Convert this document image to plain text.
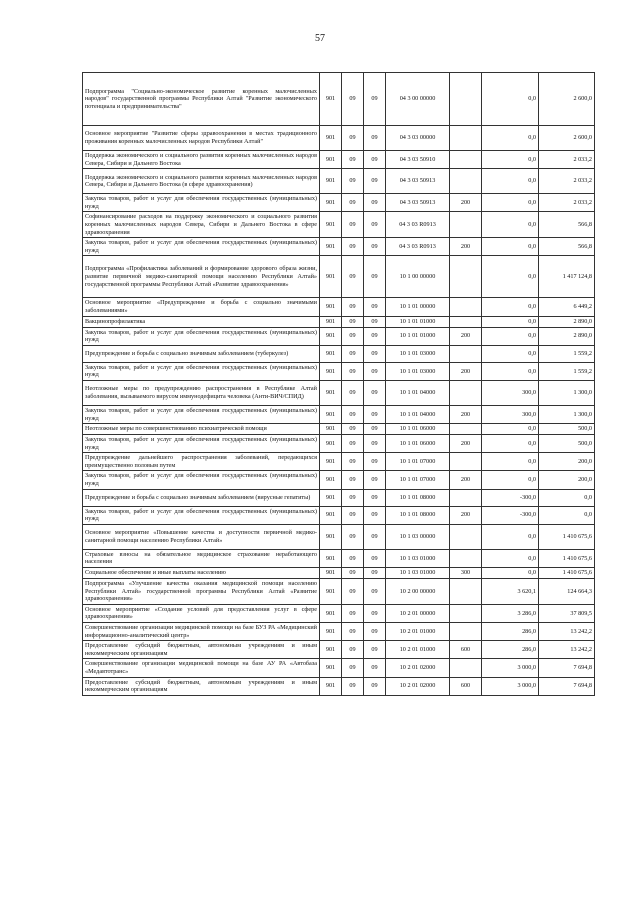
57
Подпрограмма "Социально-экономическое развитие коренных малочисленных народов" государственной программы Республики Алтай "Развитие экономического потенциала и предпринимательства"	901	09	09	04 3 00 00000		0,0	2 600,0
Основное мероприятие "Развитие сферы здравоохранения в местах традиционного проживания коренных малочисленных народов Республики Алтай"	901	09	09	04 3 03 00000		0,0	2 600,0
Поддержка экономического и социального развития коренных малочисленных народов Севера, Сибири и Дальнего Востока	901	09	09	04 3 03 50910		0,0	2 033,2
Поддержка экономического и социального развития коренных малочисленных народов Севера, Сибири и Дальнего Востока (в сфере здравоохранения)	901	09	09	04 3 03 50913		0,0	2 033,2
Закупка товаров, работ и услуг для обеспечения государственных (муниципальных) нужд	901	09	09	04 3 03 50913	200	0,0	2 033,2
Софинансирование расходов на поддержку экономического и социального развития коренных малочисленных народов Севера, Сибири и Дальнего Востока в сфере здравоохранения	901	09	09	04 3 03 R0913		0,0	566,8
Закупка товаров, работ и услуг для обеспечения государственных (муниципальных) нужд	901	09	09	04 3 03 R0913	200	0,0	566,8
Подпрограмма «Профилактика заболеваний и формирование здорового образа жизни, развитие первичной медико-санитарной помощи населению Республики Алтай» государственной программы Республики Алтай «Развитие здравоохранения»	901	09	09	10 1 00 00000		0,0	1 417 124,8
Основное мероприятие «Предупреждение и борьба с социально значимыми заболеваниями»	901	09	09	10 1 01 00000		0,0	6 449,2
Вакцинопрофилактика	901	09	09	10 1 01 01000		0,0	2 890,0
Закупка товаров, работ и услуг для обеспечения государственных (муниципальных) нужд	901	09	09	10 1 01 01000	200	0,0	2 890,0
Предупреждение и борьба с социально значимым заболеванием (туберкулез)	901	09	09	10 1 01 03000		0,0	1 559,2
Закупка товаров, работ и услуг для обеспечения государственных (муниципальных) нужд	901	09	09	10 1 01 03000	200	0,0	1 559,2
Неотложные меры по предупреждению распространения в Республике Алтай заболевания, вызываемого вирусом иммунодефицита человека (Анти-ВИЧ/СПИД)	901	09	09	10 1 01 04000		300,0	1 300,0
Закупка товаров, работ и услуг для обеспечения государственных (муниципальных) нужд	901	09	09	10 1 01 04000	200	300,0	1 300,0
Неотложные меры по совершенствованию психиатрической помощи	901	09	09	10 1 01 06000		0,0	500,0
Закупка товаров, работ и услуг для обеспечения государственных (муниципальных) нужд	901	09	09	10 1 01 06000	200	0,0	500,0
Предупреждение дальнейшего распространения заболеваний, передающихся преимущественно половым путем	901	09	09	10 1 01 07000		0,0	200,0
Закупка товаров, работ и услуг для обеспечения государственных (муниципальных) нужд	901	09	09	10 1 01 07000	200	0,0	200,0
Предупреждение и борьба с социально значимым заболеванием (вирусные гепатиты)	901	09	09	10 1 01 08000		-300,0	0,0
Закупка товаров, работ и услуг для обеспечения государственных (муниципальных) нужд	901	09	09	10 1 01 08000	200	-300,0	0,0
Основное мероприятие «Повышение качества и доступности первичной медико-санитарной помощи населению Республики Алтай»	901	09	09	10 1 03 00000		0,0	1 410 675,6
Страховые взносы на обязательное медицинское страхование неработающего населения	901	09	09	10 1 03 01000		0,0	1 410 675,6
Социальное обеспечение и иные выплаты населению	901	09	09	10 1 03 01000	300	0,0	1 410 675,6
Подпрограмма «Улучшение качества оказания медицинской помощи населению Республики Алтай» государственной программы Республики Алтай «Развитие здравоохранения»	901	09	09	10 2 00 00000		3 620,1	124 664,3
Основное мероприятие «Создание условий для предоставления услуг в сфере здравоохранения»	901	09	09	10 2 01 00000		3 286,0	37 809,5
Совершенствование организации медицинской помощи на базе БУЗ РА «Медицинский информационно-аналитический центр»	901	09	09	10 2 01 01000		286,0	13 242,2
Предоставление субсидий бюджетным, автономным учреждениям и иным некоммерческим организациям	901	09	09	10 2 01 01000	600	286,0	13 242,2
Совершенствование организации медицинской помощи на базе АУ РА «Автобаза «Медавтотранс»	901	09	09	10 2 01 02000		3 000,0	7 694,8
Предоставление субсидий бюджетным, автономным учреждениям и иным некоммерческим организациям	901	09	09	10 2 01 02000	600	3 000,0	7 694,8
